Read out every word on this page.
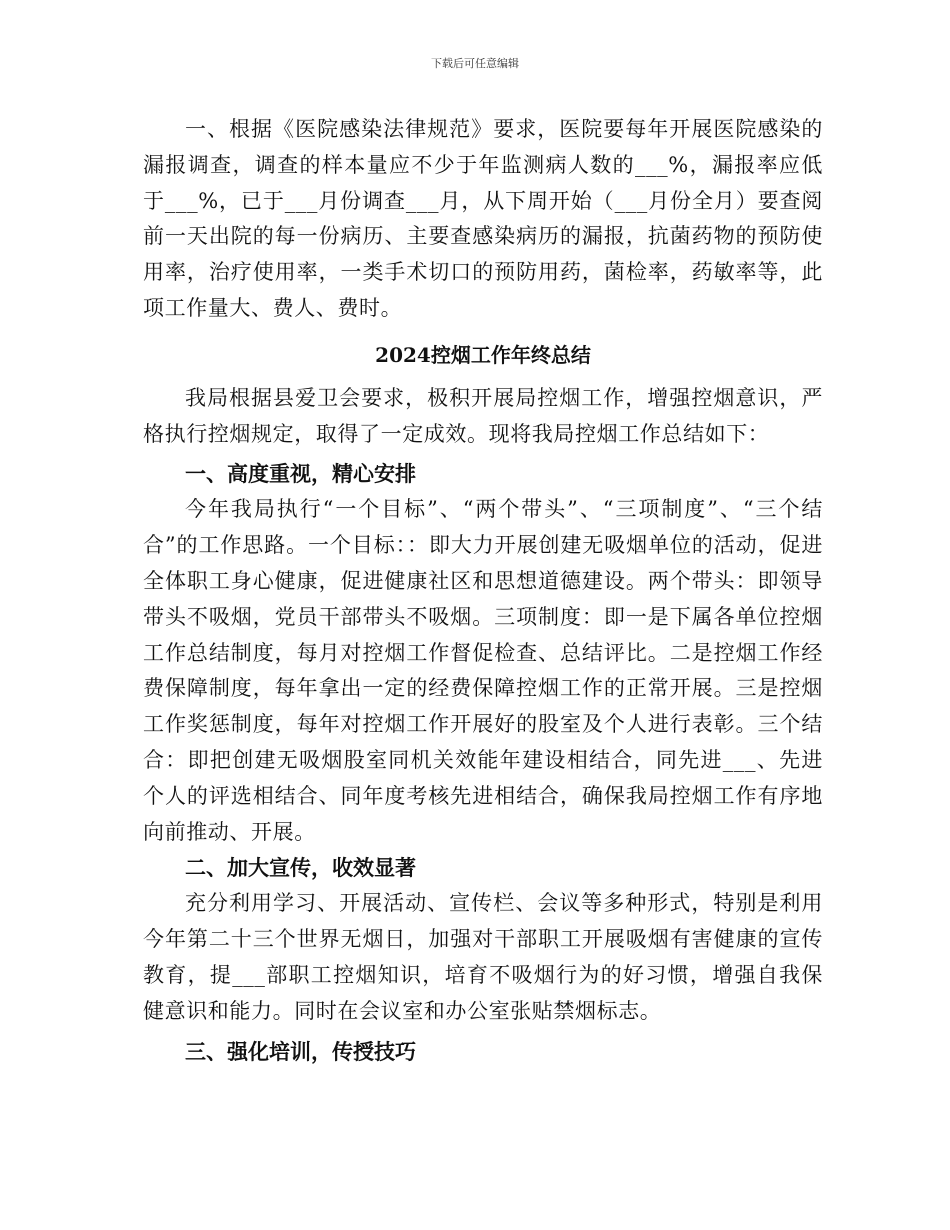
下载后可任意编辑

一、根据《医院感染法律规范》要求，医院要每年开展医院感染的漏报调查，调查的样本量应不少于年监测病人数的___%，漏报率应低于___%，已于___月份调查___月，从下周开始（___月份全月）要查阅前一天出院的每一份病历、主要查感染病历的漏报，抗菌药物的预防使用率，治疗使用率，一类手术切口的预防用药，菌检率，药敏率等，此项工作量大、费人、费时。

2024控烟工作年终总结

我局根据县爱卫会要求，极积开展局控烟工作，增强控烟意识，严格执行控烟规定，取得了一定成效。现将我局控烟工作总结如下：

一、高度重视，精心安排

今年我局执行“一个目标”、“两个带头”、“三项制度”、“三个结合”的工作思路。一个目标：：即大力开展创建无吸烟单位的活动，促进全体职工身心健康，促进健康社区和思想道德建设。两个带头：即领导带头不吸烟，党员干部带头不吸烟。三项制度：即一是下属各单位控烟工作总结制度，每月对控烟工作督促检查、总结评比。二是控烟工作经费保障制度，每年拿出一定的经费保障控烟工作的正常开展。三是控烟工作奖惩制度，每年对控烟工作开展好的股室及个人进行表彰。三个结合：即把创建无吸烟股室同机关效能年建设相结合，同先进___、先进个人的评选相结合、同年度考核先进相结合，确保我局控烟工作有序地向前推动、开展。

二、加大宣传，收效显著

充分利用学习、开展活动、宣传栏、会议等多种形式，特别是利用今年第二十三个世界无烟日，加强对干部职工开展吸烟有害健康的宣传教育，提___部职工控烟知识，培育不吸烟行为的好习惯，增强自我保健意识和能力。同时在会议室和办公室张贴禁烟标志。

三、强化培训，传授技巧
